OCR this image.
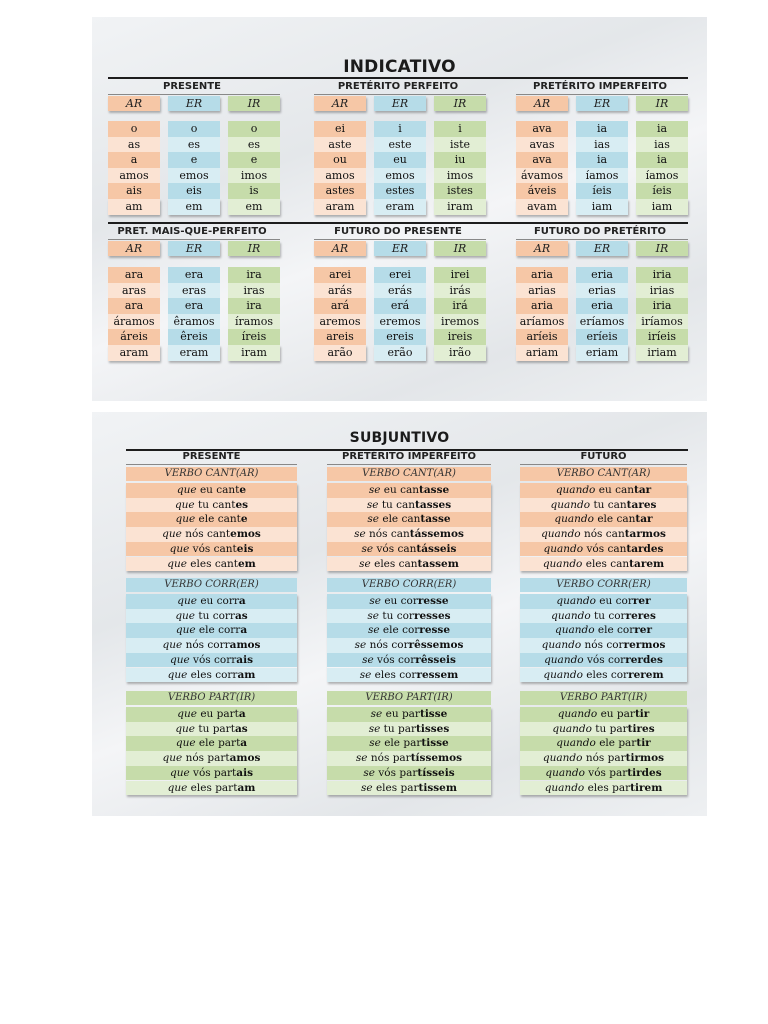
INDICATIVO
PRESENTE
AR
o
as
a
amos
ais
am
ER
o
es
e
emos
eis
em
IR
o
es
e
imos
is
em
PRETÉRITO PERFEITO
AR
ei
aste
ou
amos
astes
aram
ER
i
este
eu
emos
estes
eram
IR
i
iste
iu
imos
istes
iram
PRETÉRITO IMPERFEITO
AR
ava
avas
ava
ávamos
áveis
avam
ER
ia
ias
ia
íamos
íeis
iam
IR
ia
ias
ia
íamos
íeis
iam
PRET. MAIS-QUE-PERFEITO
AR
ara
aras
ara
áramos
áreis
aram
ER
era
eras
era
êramos
êreis
eram
IR
ira
iras
ira
íramos
íreis
iram
FUTURO DO PRESENTE
AR
arei
arás
ará
aremos
areis
arão
ER
erei
erás
erá
eremos
ereis
erão
IR
irei
irás
irá
iremos
ireis
irão
FUTURO DO PRETÉRITO
AR
aria
arias
aria
aríamos
aríeis
ariam
ER
eria
erias
eria
eríamos
eríeis
eriam
IR
iria
irias
iria
iríamos
iríeis
iriam
SUBJUNTIVO
PRESENTE	PRETÉRITO IMPERFEITO	FUTURO
VERBO CANT(AR)
que eu cante
que tu cantes
que ele cante
que nós cantemos
que vós canteis
que eles cantem
VERBO CANT(AR)
se eu cantasse
se tu cantasses
se ele cantasse
se nós cantássemos
se vós cantásseis
se eles cantassem
VERBO CANT(AR)
quando eu cantar
quando tu cantares
quando ele cantar
quando nós cantarmos
quando vós cantardes
quando eles cantarem
VERBO CORR(ER)
que eu corra
que tu corras
que ele corra
que nós corramos
que vós corrais
que eles corram
VERBO CORR(ER)
se eu corresse
se tu corresses
se ele corresse
se nós corrêssemos
se vós corrêsseis
se eles corressem
VERBO CORR(ER)
quando eu correr
quando tu correres
quando ele correr
quando nós corrermos
quando vós correrdes
quando eles correrem
VERBO PART(IR)
que eu parta
que tu partas
que ele parta
que nós partamos
que vós partais
que eles partam
VERBO PART(IR)
se eu partisse
se tu partisses
se ele partisse
se nós partíssemos
se vós partísseis
se eles partissem
VERBO PART(IR)
quando eu partir
quando tu partires
quando ele partir
quando nós partirmos
quando vós partirdes
quando eles partirem
